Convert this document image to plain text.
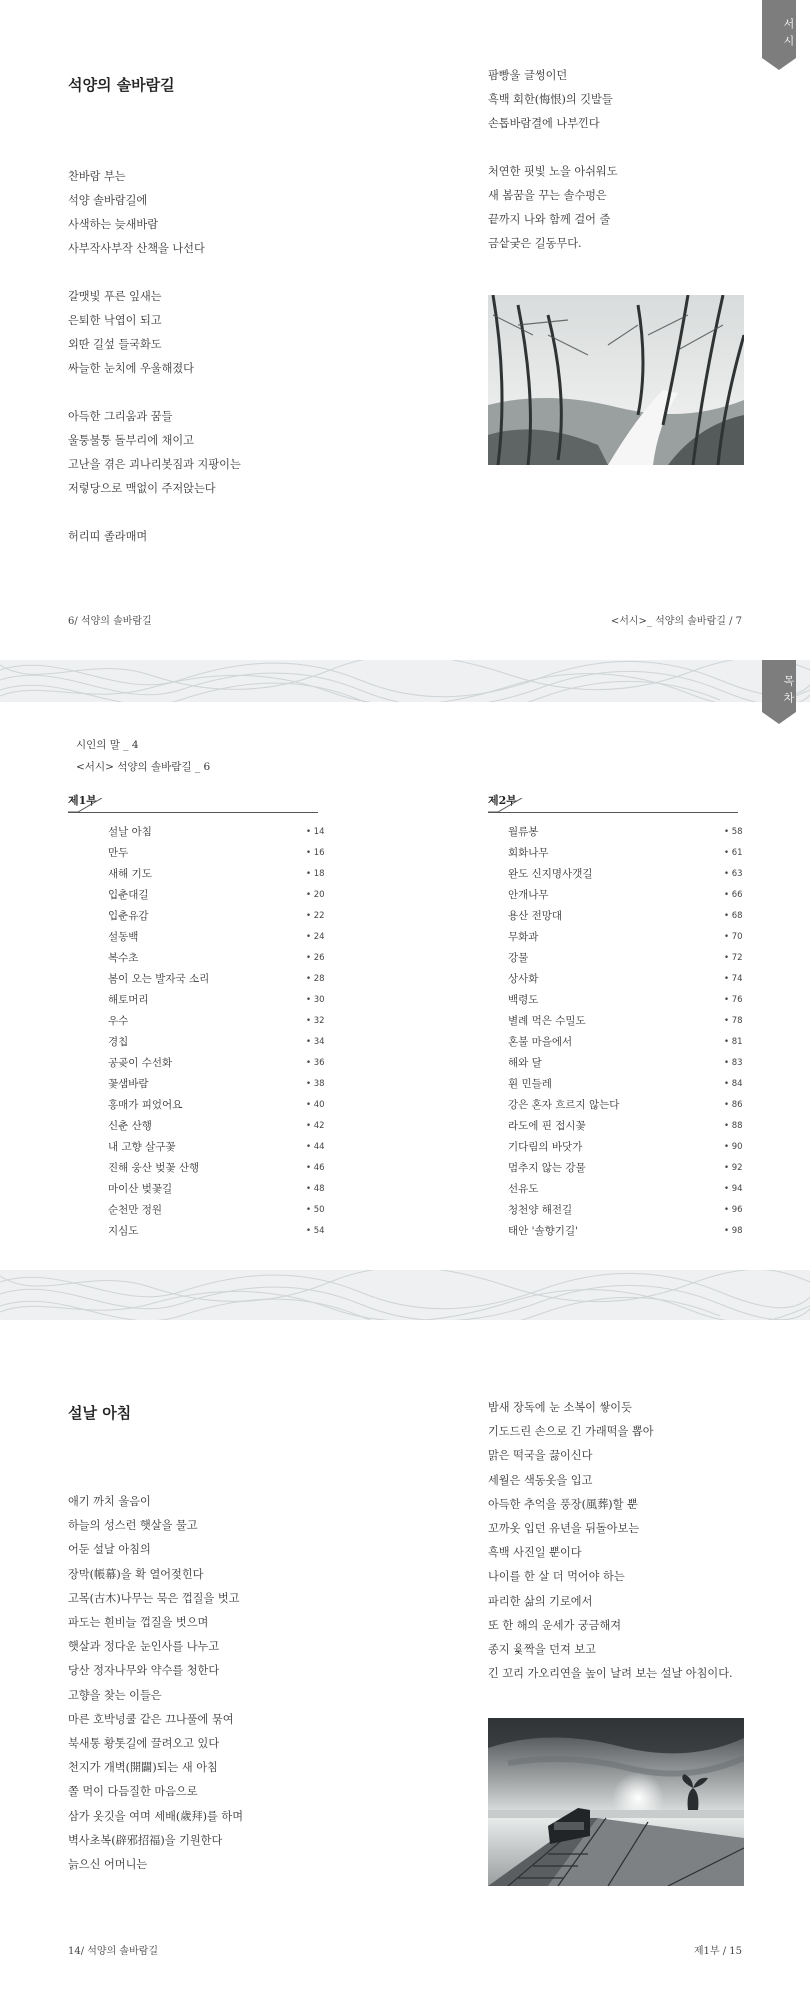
서시
석양의 솔바람길
찬바람 부는
석양 솔바람길에
사색하는 늦새바람
사부작사부작 산책을 나선다
갈맷빛 푸른 잎새는
은퇴한 낙엽이 되고
외딴 길섶 들국화도
싸늘한 눈치에 우울해졌다
아득한 그리움과 꿈들
울퉁불퉁 돌부리에 채이고
고난을 겪은 괴나리봇짐과 지팡이는
저렇당으로 맥없이 주저앉는다
허리띠 졸라매며
팜빵울 글썽이던
흑백 회한(悔恨)의 깃발들
손톱바람결에 나부낀다
처연한 핏빛 노을 아쉬워도
새 봄꿈을 꾸는 솔수펑은
끝까지 나와 함께 걸어 줄
금샅궂은 길동무다.
6/ 석양의 솔바람길	<서시>_ 석양의 솔바람길 / 7
목차
시인의 말 _ 4
<서시> 석양의 솔바람길 _ 6
제1부
설날 아침	• 14
만두	• 16
새해 기도	• 18
입춘대길	• 20
입춘유감	• 22
설동백	• 24
복수초	• 26
봄이 오는 발자국 소리	• 28
해토머리	• 30
우수	• 32
경칩	• 34
공곶이 수선화	• 36
꽃샘바람	• 38
홍매가 피었어요	• 40
신춘 산행	• 42
내 고향 살구꽃	• 44
진해 웅산 벚꽃 산행	• 46
마이산 벚꽃길	• 48
순천만 정원	• 50
지심도	• 54
제2부
월류봉	• 58
회화나무	• 61
완도 신지명사갯길	• 63
안개나무	• 66
용산 전망대	• 68
무화과	• 70
강물	• 72
상사화	• 74
백령도	• 76
별례 먹은 수밀도	• 78
혼불 마을에서	• 81
해와 달	• 83
휜 민들레	• 84
강은 혼자 흐르지 않는다	• 86
라도에 핀 접시꽃	• 88
기다림의 바닷가	• 90
멈추지 않는 강물	• 92
선유도	• 94
청천양 해전길	• 96
태안 '솔향기길'	• 98
설날 아침
애기 까치 울음이
하늘의 성스런 햇살을 물고
어둔 설날 아침의
장막(帳幕)을 확 열어젖힌다
고목(古木)나무는 묵은 껍질을 벗고
파도는 흰비늘 껍질을 벗으며
햇살과 정다운 눈인사를 나누고
당산 정자나무와 약수를 청한다
고향을 찾는 이들은
마른 호박넝쿨 같은 끄나풀에 묶여
북새통 황톳길에 끌려오고 있다
천지가 개벽(開闢)되는 새 아침
쫄 먹이 다듬질한 마음으로
삼가 옷깃을 여며 세배(歲拜)를 하며
벽사초복(辟邪招福)을 기원한다
늙으신 어머니는
밤새 장독에 눈 소복이 쌓이듯
기도드린 손으로 긴 가래떡을 뽑아
맑은 떡국을 끓이신다
세월은 색동옷을 입고
아득한 추억을 풍장(風葬)할 뿐
꼬까옷 입던 유년을 뒤돌아보는
흑백 사진일 뿐이다
나이를 한 살 더 먹어야 하는
파리한 삶의 기로에서
또 한 해의 운세가 궁금해져
종지 윷짝을 던져 보고
긴 꼬리 가오리연을 높이 날려 보는 설날 아침이다.
14/ 석양의 솔바람길	제1부 / 15
